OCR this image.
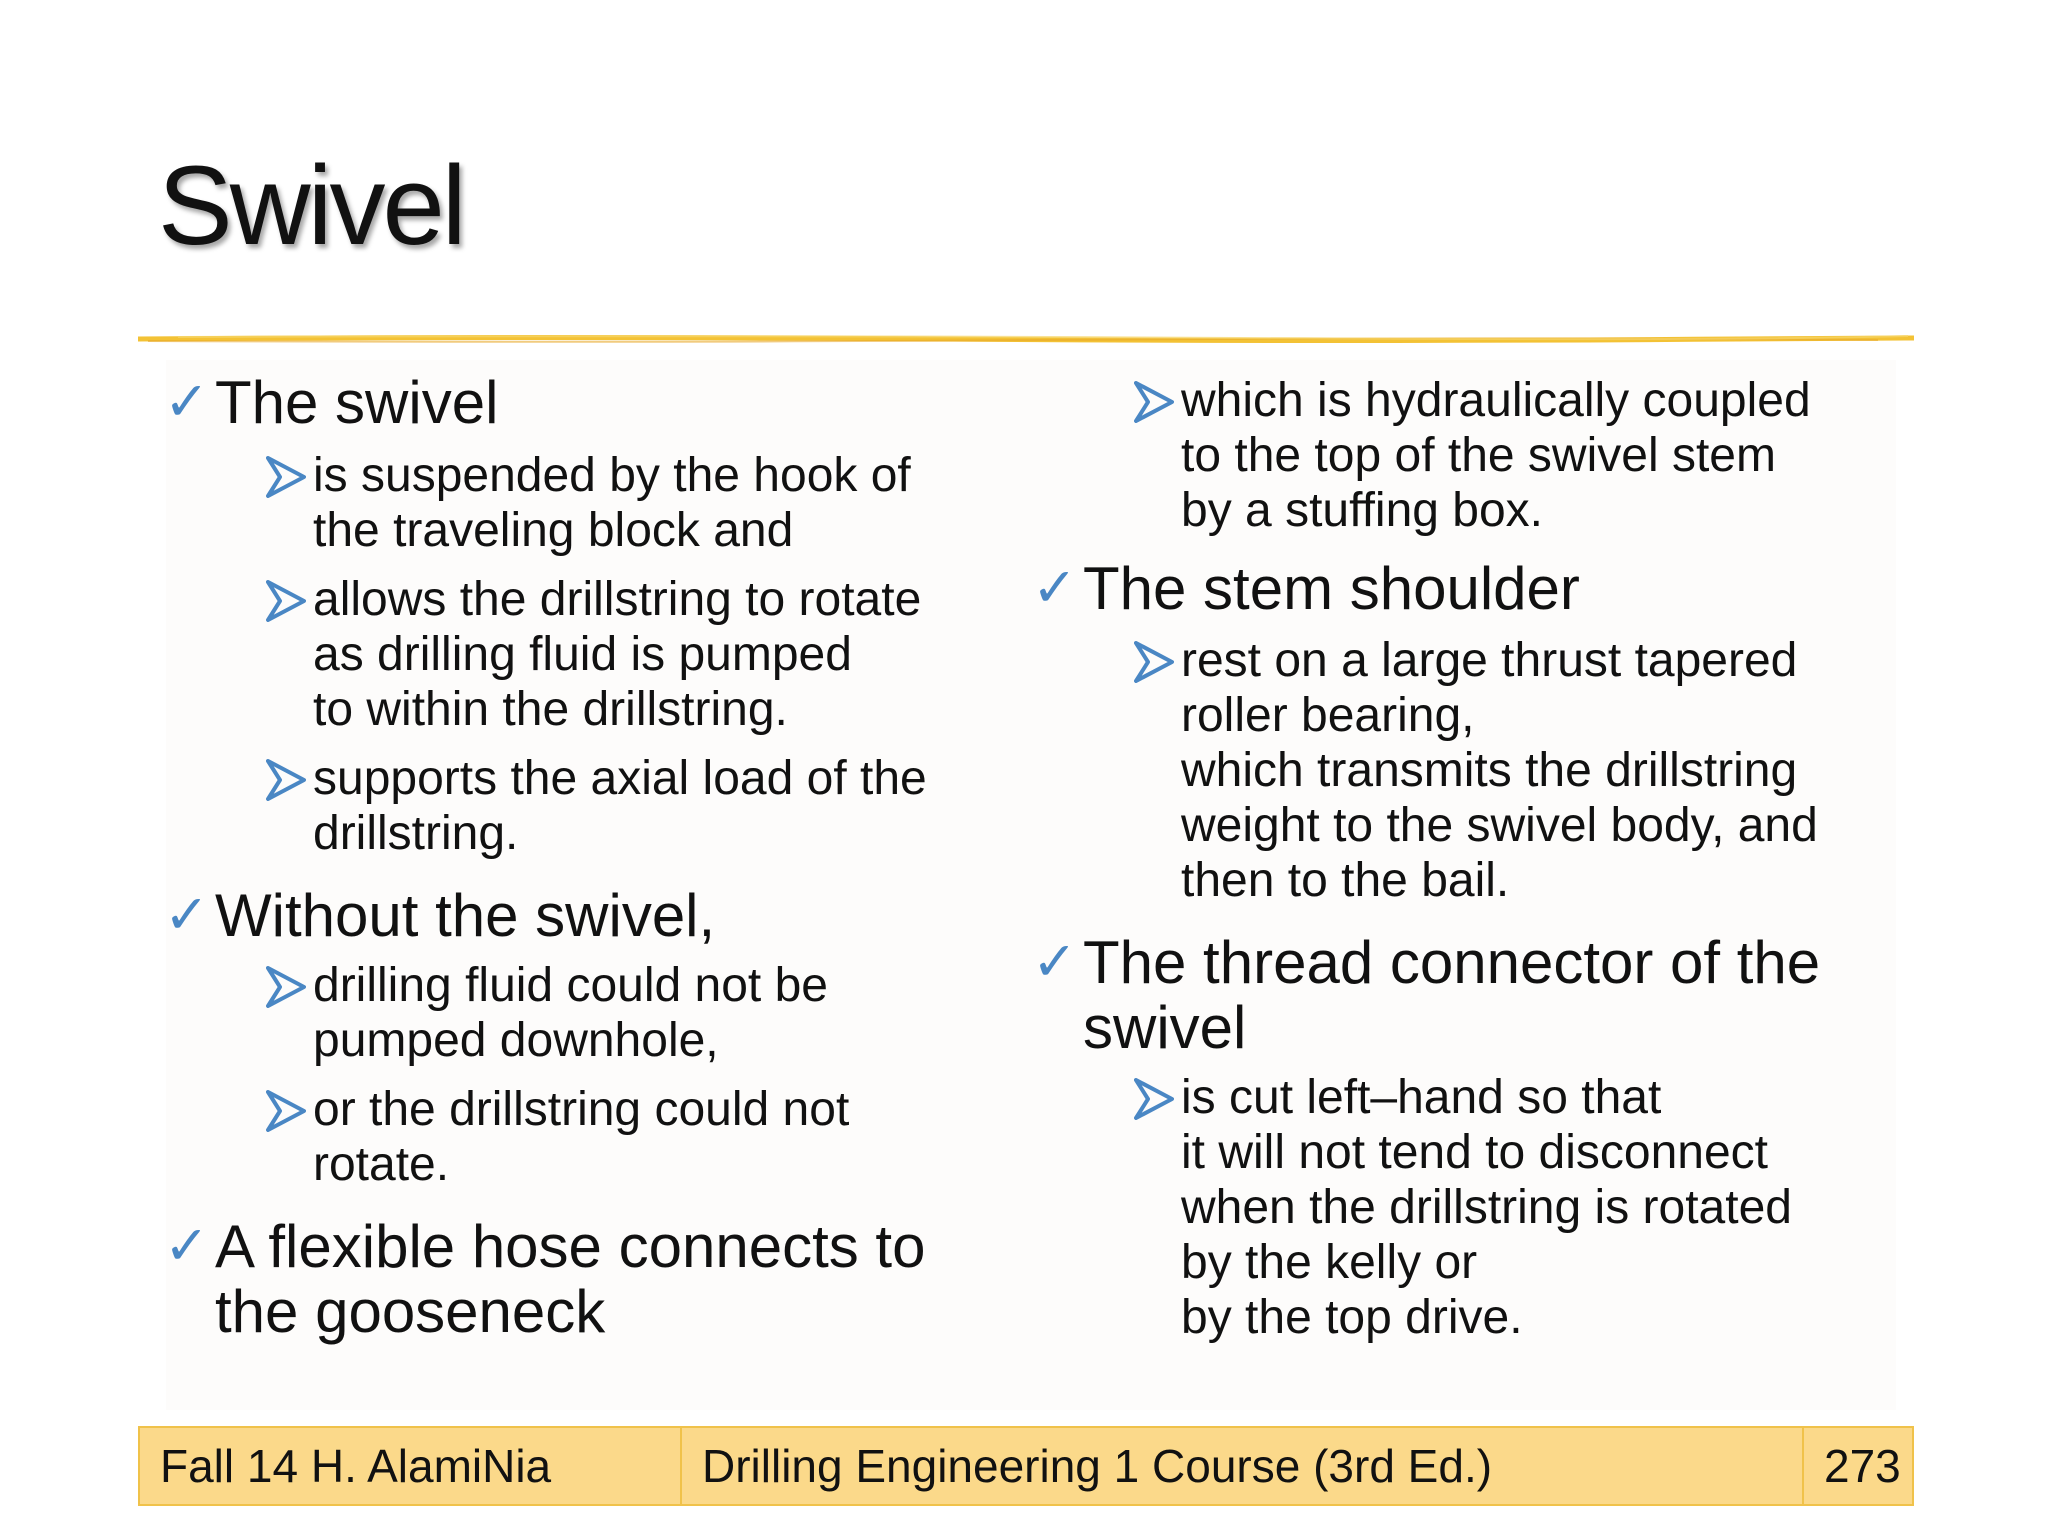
Swivel
✓ The swivel
is suspended by the hook of
the traveling block and
allows the drillstring to rotate
as drilling fluid is pumped
to within the drillstring.
supports the axial load of the
drillstring.
✓ Without the swivel,
drilling fluid could not be
pumped downhole,
or the drillstring could not
rotate.
✓ A flexible hose connects to
the gooseneck
which is hydraulically coupled
to the top of the swivel stem
by a stuffing box.
✓ The stem shoulder
rest on a large thrust tapered
roller bearing,
which transmits the drillstring
weight to the swivel body, and
then to the bail.
✓ The thread connector of the
swivel
is cut left–hand so that
it will not tend to disconnect
when the drillstring is rotated
by the kelly or
by the top drive.
Fall 14 H. AlamiNia	Drilling Engineering 1 Course (3rd Ed.)	273
